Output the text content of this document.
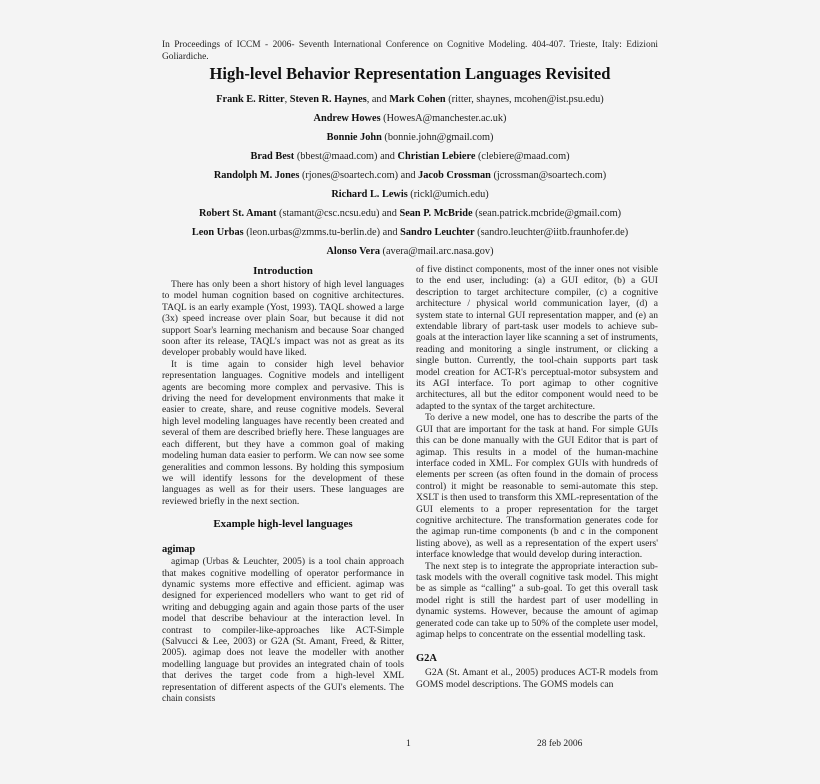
In Proceedings of ICCM - 2006- Seventh International Conference on Cognitive Modeling. 404-407. Trieste, Italy: Edizioni Goliardiche.
High-level Behavior Representation Languages Revisited
Frank E. Ritter, Steven R. Haynes, and Mark Cohen (ritter, shaynes, mcohen@ist.psu.edu)
Andrew Howes (HowesA@manchester.ac.uk)
Bonnie John (bonnie.john@gmail.com)
Brad Best (bbest@maad.com) and Christian Lebiere (clebiere@maad.com)
Randolph M. Jones (rjones@soartech.com) and Jacob Crossman (jcrossman@soartech.com)
Richard L. Lewis (rickl@umich.edu)
Robert St. Amant (stamant@csc.ncsu.edu) and Sean P. McBride (sean.patrick.mcbride@gmail.com)
Leon Urbas (leon.urbas@zmms.tu-berlin.de) and Sandro Leuchter (sandro.leuchter@iitb.fraunhofer.de)
Alonso Vera (avera@mail.arc.nasa.gov)
Introduction

There has only been a short history of high level languages to model human cognition based on cognitive architectures. TAQL is an early example (Yost, 1993). TAQL showed a large (3x) speed increase over plain Soar, but because it did not support Soar's learning mechanism and because Soar changed soon after its release, TAQL's impact was not as great as its developer probably would have liked.

It is time again to consider high level behavior representation languages. Cognitive models and intelligent agents are becoming more complex and pervasive. This is driving the need for development environments that make it easier to create, share, and reuse cognitive models. Several high level modeling languages have recently been created and several of them are described briefly here. These languages are each different, but they have a common goal of making modeling human data easier to perform. We can now see some generalities and common lessons. By holding this symposium we will identify lessons for the development of these languages as well as for their users. These languages are reviewed briefly in the next section.

Example high-level languages
agimap

agimap (Urbas & Leuchter, 2005) is a tool chain approach that makes cognitive modelling of operator performance in dynamic systems more effective and efficient. agimap was designed for experienced modellers who want to get rid of writing and debugging again and again those parts of the user model that describe behaviour at the interaction level. In contrast to compiler-like-approaches like ACT-Simple (Salvucci & Lee, 2003) or G2A (St. Amant, Freed, & Ritter, 2005). agimap does not leave the modeller with another modelling language but provides an integrated chain of tools that derives the target code from a high-level XML representation of different aspects of the GUI's elements. The chain consists

of five distinct components, most of the inner ones not visible to the end user, including: (a) a GUI editor, (b) a GUI description to target architecture compiler, (c) a cognitive architecture / physical world communication layer, (d) a system state to internal GUI representation mapper, and (e) an extendable library of part-task user models to achieve sub-goals at the interaction layer like scanning a set of instruments, reading and monitoring a single instrument, or clicking a single button. Currently, the tool-chain supports part task model creation for ACT-R's perceptual-motor subsystem and its AGI interface. To port agimap to other cognitive architectures, all but the editor component would need to be adapted to the syntax of the target architecture.

To derive a new model, one has to describe the parts of the GUI that are important for the task at hand. For simple GUIs this can be done manually with the GUI Editor that is part of agimap. This results in a model of the human-machine interface coded in XML. For complex GUIs with hundreds of elements per screen (as often found in the domain of process control) it might be reasonable to semi-automate this step. XSLT is then used to transform this XML-representation of the GUI elements to a proper representation for the target cognitive architecture. The transformation generates code for the agimap run-time components (b and c in the component listing above), as well as a representation of the expert users' interface knowledge that would develop during interaction.

The next step is to integrate the appropriate interaction sub-task models with the overall cognitive task model. This might be as simple as “calling” a sub-goal. To get this overall task model right is still the hardest part of user modelling in dynamic systems. However, because the amount of agimap generated code can take up to 50% of the complete user model, agimap helps to concentrate on the essential modelling task.

G2A

G2A (St. Amant et al., 2005) produces ACT-R models from GOMS model descriptions. The GOMS models can

1	28 feb 2006
